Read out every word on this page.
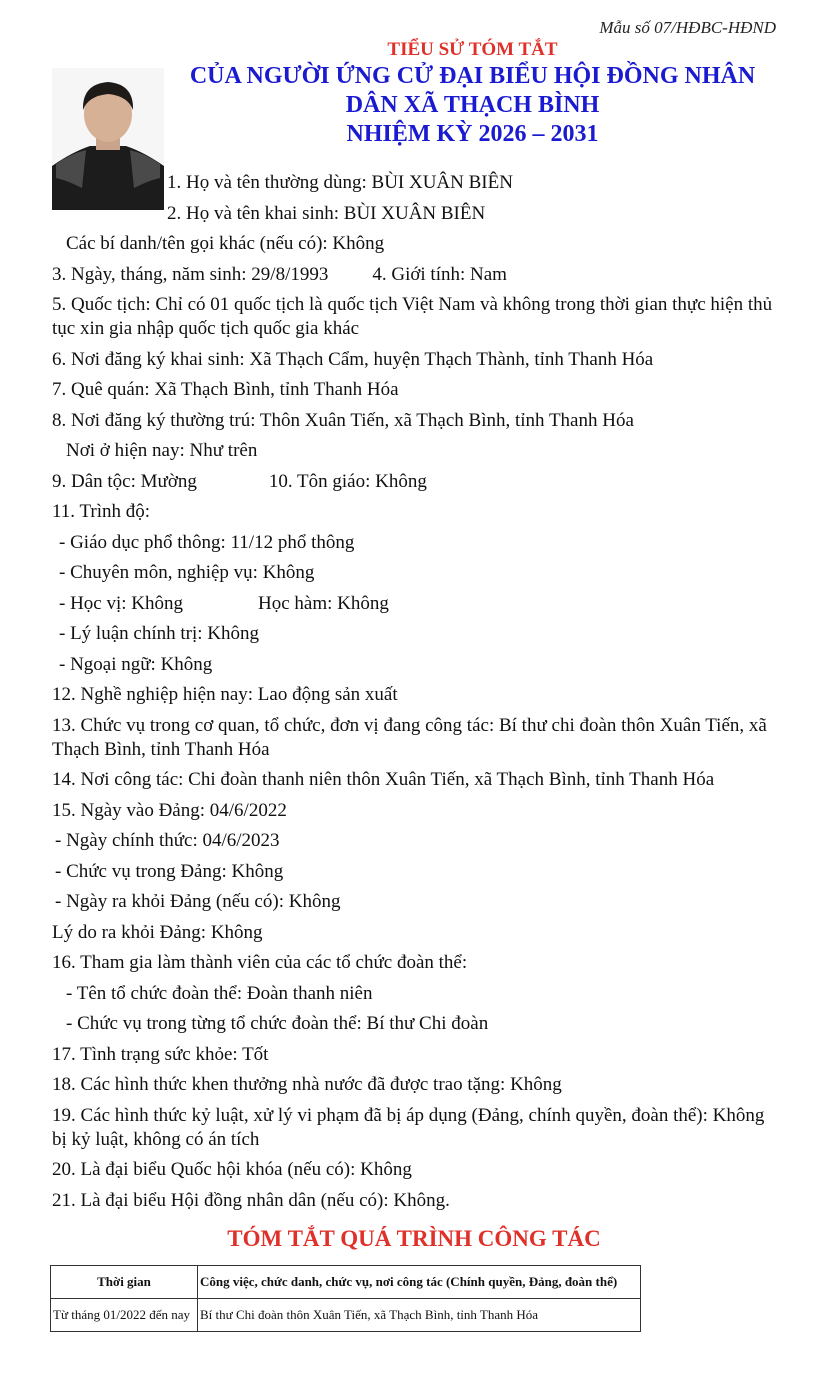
Mẫu số 07/HĐBC-HĐND
TIỂU SỬ TÓM TẮT
CỦA NGƯỜI ỨNG CỬ ĐẠI BIỂU HỘI ĐỒNG NHÂN
DÂN XÃ THẠCH BÌNH
NHIỆM KỲ 2026 – 2031
1. Họ và tên thường dùng: BÙI XUÂN BIÊN
2. Họ và tên khai sinh: BÙI XUÂN BIÊN
Các bí danh/tên gọi khác (nếu có): Không
3. Ngày, tháng, năm sinh: 29/8/1993 4. Giới tính: Nam
5. Quốc tịch: Chỉ có 01 quốc tịch là quốc tịch Việt Nam và không trong thời gian thực hiện thủ tục xin gia nhập quốc tịch quốc gia khác
6. Nơi đăng ký khai sinh: Xã Thạch Cẩm, huyện Thạch Thành, tỉnh Thanh Hóa
7. Quê quán: Xã Thạch Bình, tỉnh Thanh Hóa
8. Nơi đăng ký thường trú: Thôn Xuân Tiến, xã Thạch Bình, tỉnh Thanh Hóa
Nơi ở hiện nay: Như trên
9. Dân tộc: Mường	10. Tôn giáo: Không
11. Trình độ:
- Giáo dục phổ thông: 11/12 phổ thông
- Chuyên môn, nghiệp vụ: Không
- Học vị: Không	Học hàm: Không
- Lý luận chính trị: Không
- Ngoại ngữ: Không
12. Nghề nghiệp hiện nay: Lao động sản xuất
13. Chức vụ trong cơ quan, tổ chức, đơn vị đang công tác: Bí thư chi đoàn thôn Xuân Tiến, xã Thạch Bình, tỉnh Thanh Hóa
14. Nơi công tác: Chi đoàn thanh niên thôn Xuân Tiến, xã Thạch Bình, tỉnh Thanh Hóa
15. Ngày vào Đảng: 04/6/2022
- Ngày chính thức: 04/6/2023
- Chức vụ trong Đảng: Không
- Ngày ra khỏi Đảng (nếu có): Không
Lý do ra khỏi Đảng: Không
16. Tham gia làm thành viên của các tổ chức đoàn thể:
- Tên tổ chức đoàn thể: Đoàn thanh niên
- Chức vụ trong từng tổ chức đoàn thể: Bí thư Chi đoàn
17. Tình trạng sức khỏe: Tốt
18. Các hình thức khen thưởng nhà nước đã được trao tặng: Không
19. Các hình thức kỷ luật, xử lý vi phạm đã bị áp dụng (Đảng, chính quyền, đoàn thể): Không bị kỷ luật, không có án tích
20. Là đại biểu Quốc hội khóa (nếu có): Không
21. Là đại biểu Hội đồng nhân dân (nếu có): Không.
TÓM TẮT QUÁ TRÌNH CÔNG TÁC
Thời gian	Công việc, chức danh, chức vụ, nơi công tác (Chính quyền, Đảng, đoàn thể)
Từ tháng 01/2022 đến nay	Bí thư Chi đoàn thôn Xuân Tiến, xã Thạch Bình, tỉnh Thanh Hóa
